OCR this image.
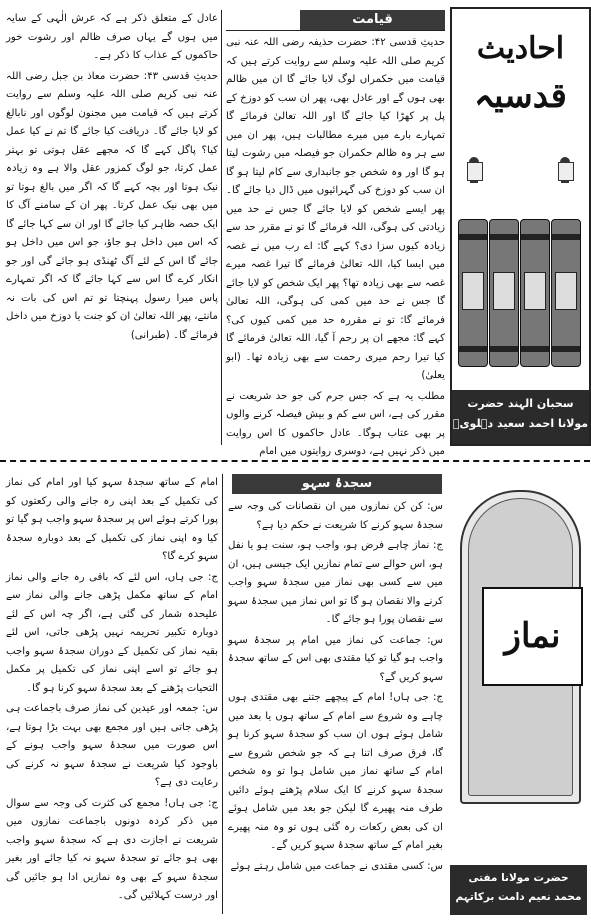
قیامت

حدیثِ قدسی ۴۲: حضرت حذیفہ رضی اللہ عنہ نبی کریم صلی اللہ علیہ وسلم سے روایت کرتے ہیں کہ قیامت میں حکمراں لوگ لایا جائے گا ان میں ظالم بھی ہوں گے اور عادل بھی، پھر ان سب کو دوزخ کے پل پر کھڑا کیا جائے گا اور اللہ تعالیٰ فرمائے گا تمہارے بارے میں میرے مطالبات ہیں، پھر ان میں سے ہر وہ ظالم حکمران جو فیصلہ میں رشوت لیتا ہو گا اور وہ شخص جو جانبداری سے کام لیتا ہو گا ان سب کو دوزخ کی گہرائیوں میں ڈال دیا جائے گا۔ پھر ایسے شخص کو لایا جائے گا جس نے حد میں زیادتی کی ہوگی، اللہ فرمائے گا تو نے مقرر حد سے زیادہ کیوں سزا دی؟ کہے گا: اے رب میں نے غصہ میں ایسا کیا، اللہ تعالیٰ فرمائے گا تیرا غصہ میرے غصہ سے بھی زیادہ تھا؟ پھر ایک شخص کو لایا جائے گا جس نے حد میں کمی کی ہوگی، اللہ تعالیٰ فرمائے گا: تو نے مقررہ حد میں کمی کیوں کی؟ کہے گا: مجھے ان پر رحم آ گیا، اللہ تعالیٰ فرمائے گا کیا تیرا رحم میری رحمت سے بھی زیادہ تھا۔ (ابو یعلیٰ)

مطلب یہ ہے کہ جس جرم کی جو حد شریعت نے مقرر کی ہے، اس سے کم و بیش فیصلہ کرنے والوں پر بھی عتاب ہوگا۔ عادل حاکموں کا اس روایت میں ذکر نہیں ہے، دوسری روایتوں میں امام

عادل کے متعلق ذکر ہے کہ عرش الٰہی کے سایہ میں ہوں گے یہاں صرف ظالم اور رشوت خور حاکموں کے عذاب کا ذکر ہے۔

حدیثِ قدسی ۴۳: حضرت معاذ بن جبل رضی اللہ عنہ نبی کریم صلی اللہ علیہ وسلم سے روایت کرتے ہیں کہ قیامت میں مجنون لوگوں اور نابالغ کو لایا جائے گا۔ دریافت کیا جائے گا تم نے کیا عمل کیا؟ پاگل کہے گا کہ مجھے عقل ہوتی تو بہتر عمل کرتا، جو لوگ کمزور عقل والا ہے وہ زیادہ نیک ہوتا اور بچہ کہے گا کہ اگر میں بالغ ہوتا تو میں بھی نیک عمل کرتا۔ پھر ان کے سامنے آگ کا ایک حصہ ظاہر کیا جائے گا اور ان سے کہا جائے گا کہ اس میں داخل ہو جاؤ، جو اس میں داخل ہو جائے گا اس کے لئے آگ ٹھنڈی ہو جائے گی اور جو انکار کرے گا اس سے کہا جائے گا کہ اگر تمہارے پاس میرا رسول پہنچتا تو تم اس کی بات نہ مانتے، پھر اللہ تعالیٰ ان کو جنت یا دوزخ میں داخل فرمائے گا۔ (طبرانی)

احادیث
قدسیہ
سحبان الہند حضرت
مولانا احمد سعید دہلویؒ
سجدۂ سہو

س: کن کن نمازوں میں ان نقصانات کی وجہ سے سجدۂ سہو کرنے کا شریعت نے حکم دیا ہے؟

ج: نماز چاہے فرض ہو، واجب ہو، سنت ہو یا نفل ہو، اس حوالے سے تمام نمازیں ایک جیسی ہیں، ان میں سے کسی بھی نماز میں سجدۂ سہو واجب کرنے والا نقصان ہو گا تو اس نماز میں سجدۂ سہو سے نقصان پورا ہو جائے گا۔

س: جماعت کی نماز میں امام پر سجدۂ سہو واجب ہو گیا تو کیا مقتدی بھی اس کے ساتھ سجدۂ سہو کریں گے؟

ج: جی ہاں! امام کے پیچھے جتنے بھی مقتدی ہوں چاہے وہ شروع سے امام کے ساتھ ہوں یا بعد میں شامل ہوئے ہوں ان سب کو سجدۂ سہو کرنا ہو گا، فرق صرف اتنا ہے کہ جو شخص شروع سے امام کے ساتھ نماز میں شامل ہوا تو وہ شخص سجدۂ سہو کرنے کا ایک سلام پڑھتے ہوئے دائیں طرف منہ پھیرے گا لیکن جو بعد میں شامل ہوئے ان کی بعض رکعات رہ گئی ہوں تو وہ منہ پھیرے بغیر امام کے ساتھ سجدۂ سہو کریں گے۔

س: کسی مقتدی نے جماعت میں شامل رہتے ہوئے

امام کے ساتھ سجدۂ سہو کیا اور امام کی نماز کی تکمیل کے بعد اپنی رہ جانے والی رکعتوں کو پورا کرتے ہوئے اس پر سجدۂ سہو واجب ہو گیا تو کیا وہ اپنی نماز کی تکمیل کے بعد دوبارہ سجدۂ سہو کرے گا؟

ج: جی ہاں، اس لئے کہ باقی رہ جانے والی نماز امام کے ساتھ مکمل پڑھی جانے والی نماز سے علیحدہ شمار کی گئی ہے، اگر چہ اس کے لئے دوبارہ تکبیر تحریمہ نہیں پڑھی جاتی، اس لئے بقیہ نماز کی تکمیل کے دوران سجدۂ سہو واجب ہو جائے تو اسے اپنی نماز کی تکمیل پر مکمل التحیات پڑھنے کے بعد سجدۂ سہو کرنا ہو گا۔

س: جمعہ اور عیدین کی نماز صرف باجماعت ہی پڑھی جاتی ہیں اور مجمع بھی بہت بڑا ہوتا ہے، اس صورت میں سجدۂ سہو واجب ہونے کے باوجود کیا شریعت نے سجدۂ سہو نہ کرنے کی رعایت دی ہے؟

ج: جی ہاں! مجمع کی کثرت کی وجہ سے سوال میں ذکر کردہ دونوں باجماعت نمازوں میں شریعت نے اجازت دی ہے کہ سجدۂ سہو واجب بھی ہو جائے تو سجدۂ سہو نہ کیا جائے اور بغیر سجدۂ سہو کے بھی وہ نمازیں ادا ہو جائیں گی اور درست کہلائیں گی۔

نماز
حضرت مولانا مفتی
محمد نعیم دامت برکاتہم
